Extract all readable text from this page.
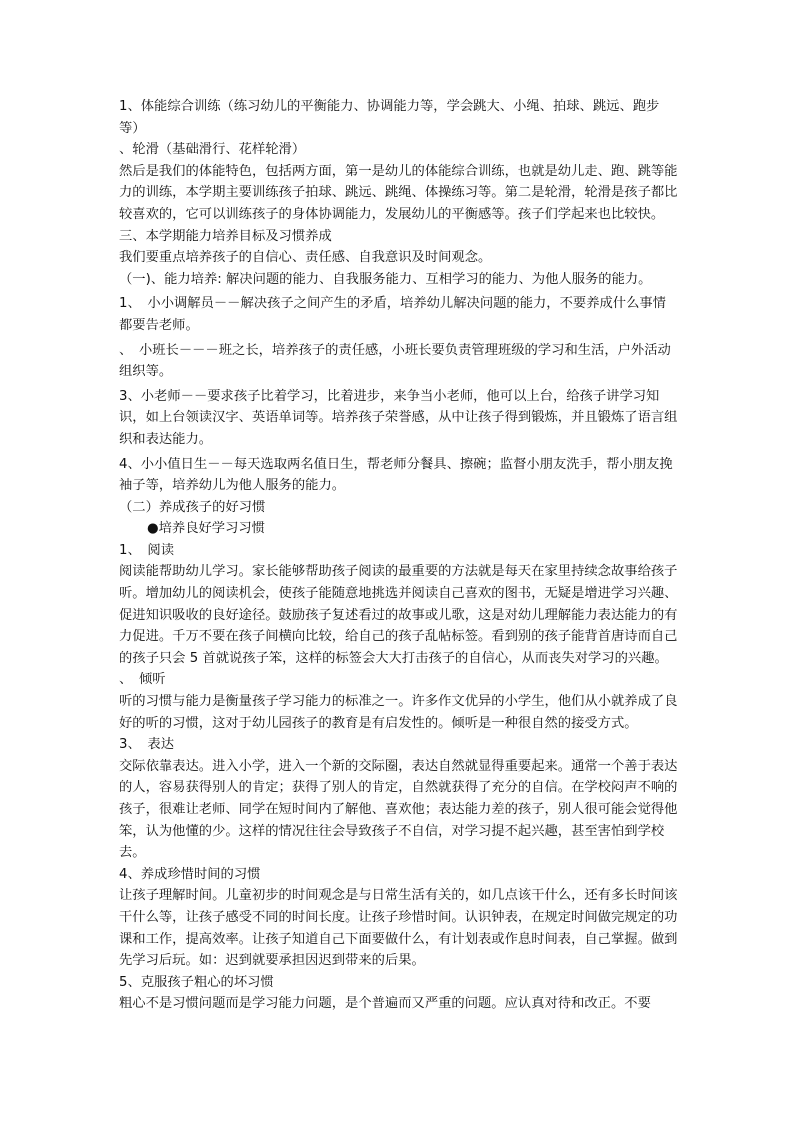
1、体能综合训练（练习幼儿的平衡能力、协调能力等，学会跳大、小绳、拍球、跳远、跑步等）

、轮滑（基础滑行、花样轮滑）

然后是我们的体能特色，包括两方面，第一是幼儿的体能综合训练，也就是幼儿走、跑、跳等能力的训练，本学期主要训练孩子拍球、跳远、跳绳、体操练习等。第二是轮滑，轮滑是孩子都比较喜欢的，它可以训练孩子的身体协调能力，发展幼儿的平衡感等。孩子们学起来也比较快。

三、本学期能力培养目标及习惯养成

我们要重点培养孩子的自信心、责任感、自我意识及时间观念。

（一)、能力培养: 解决问题的能力、自我服务能力、互相学习的能力、为他人服务的能力。

1、　小小调解员－－解决孩子之间产生的矛盾，培养幼儿解决问题的能力，不要养成什么事情都要告老师。

、　小班长－－－班之长，培养孩子的责任感，小班长要负责管理班级的学习和生活，户外活动组织等。

3、小老师－－要求孩子比着学习，比着进步，来争当小老师，他可以上台，给孩子讲学习知识，如上台领读汉字、英语单词等。培养孩子荣誉感，从中让孩子得到锻炼，并且锻炼了语言组织和表达能力。

4、小小值日生－－每天选取两名值日生，帮老师分餐具、擦碗；监督小朋友洗手，帮小朋友挽袖子等，培养幼儿为他人服务的能力。

（二）养成孩子的好习惯

●培养良好学习习惯

1、　阅读

阅读能帮助幼儿学习。家长能够帮助孩子阅读的最重要的方法就是每天在家里持续念故事给孩子听。增加幼儿的阅读机会，使孩子能随意地挑选并阅读自己喜欢的图书，无疑是增进学习兴趣、促进知识吸收的良好途径。鼓励孩子复述看过的故事或儿歌，这是对幼儿理解能力表达能力的有力促进。千万不要在孩子间横向比较，给自己的孩子乱帖标签。看到别的孩子能背首唐诗而自己的孩子只会 5 首就说孩子笨，这样的标签会大大打击孩子的自信心，从而丧失对学习的兴趣。

、　倾听

听的习惯与能力是衡量孩子学习能力的标准之一。许多作文优异的小学生，他们从小就养成了良好的听的习惯，这对于幼儿园孩子的教育是有启发性的。倾听是一种很自然的接受方式。

3、　表达

交际依靠表达。进入小学，进入一个新的交际圈，表达自然就显得重要起来。通常一个善于表达的人，容易获得别人的肯定；获得了别人的肯定，自然就获得了充分的自信。在学校闷声不响的孩子，很难让老师、同学在短时间内了解他、喜欢他；表达能力差的孩子，别人很可能会觉得他笨，认为他懂的少。这样的情况往往会导致孩子不自信，对学习提不起兴趣，甚至害怕到学校去。

4、养成珍惜时间的习惯

让孩子理解时间。儿童初步的时间观念是与日常生活有关的，如几点该干什么，还有多长时间该干什么等，让孩子感受不同的时间长度。让孩子珍惜时间。认识钟表，在规定时间做完规定的功课和工作，提高效率。让孩子知道自己下面要做什么，有计划表或作息时间表，自己掌握。做到先学习后玩。如：迟到就要承担因迟到带来的后果。

5、克服孩子粗心的坏习惯

粗心不是习惯问题而是学习能力问题，是个普遍而又严重的问题。应认真对待和改正。不要
